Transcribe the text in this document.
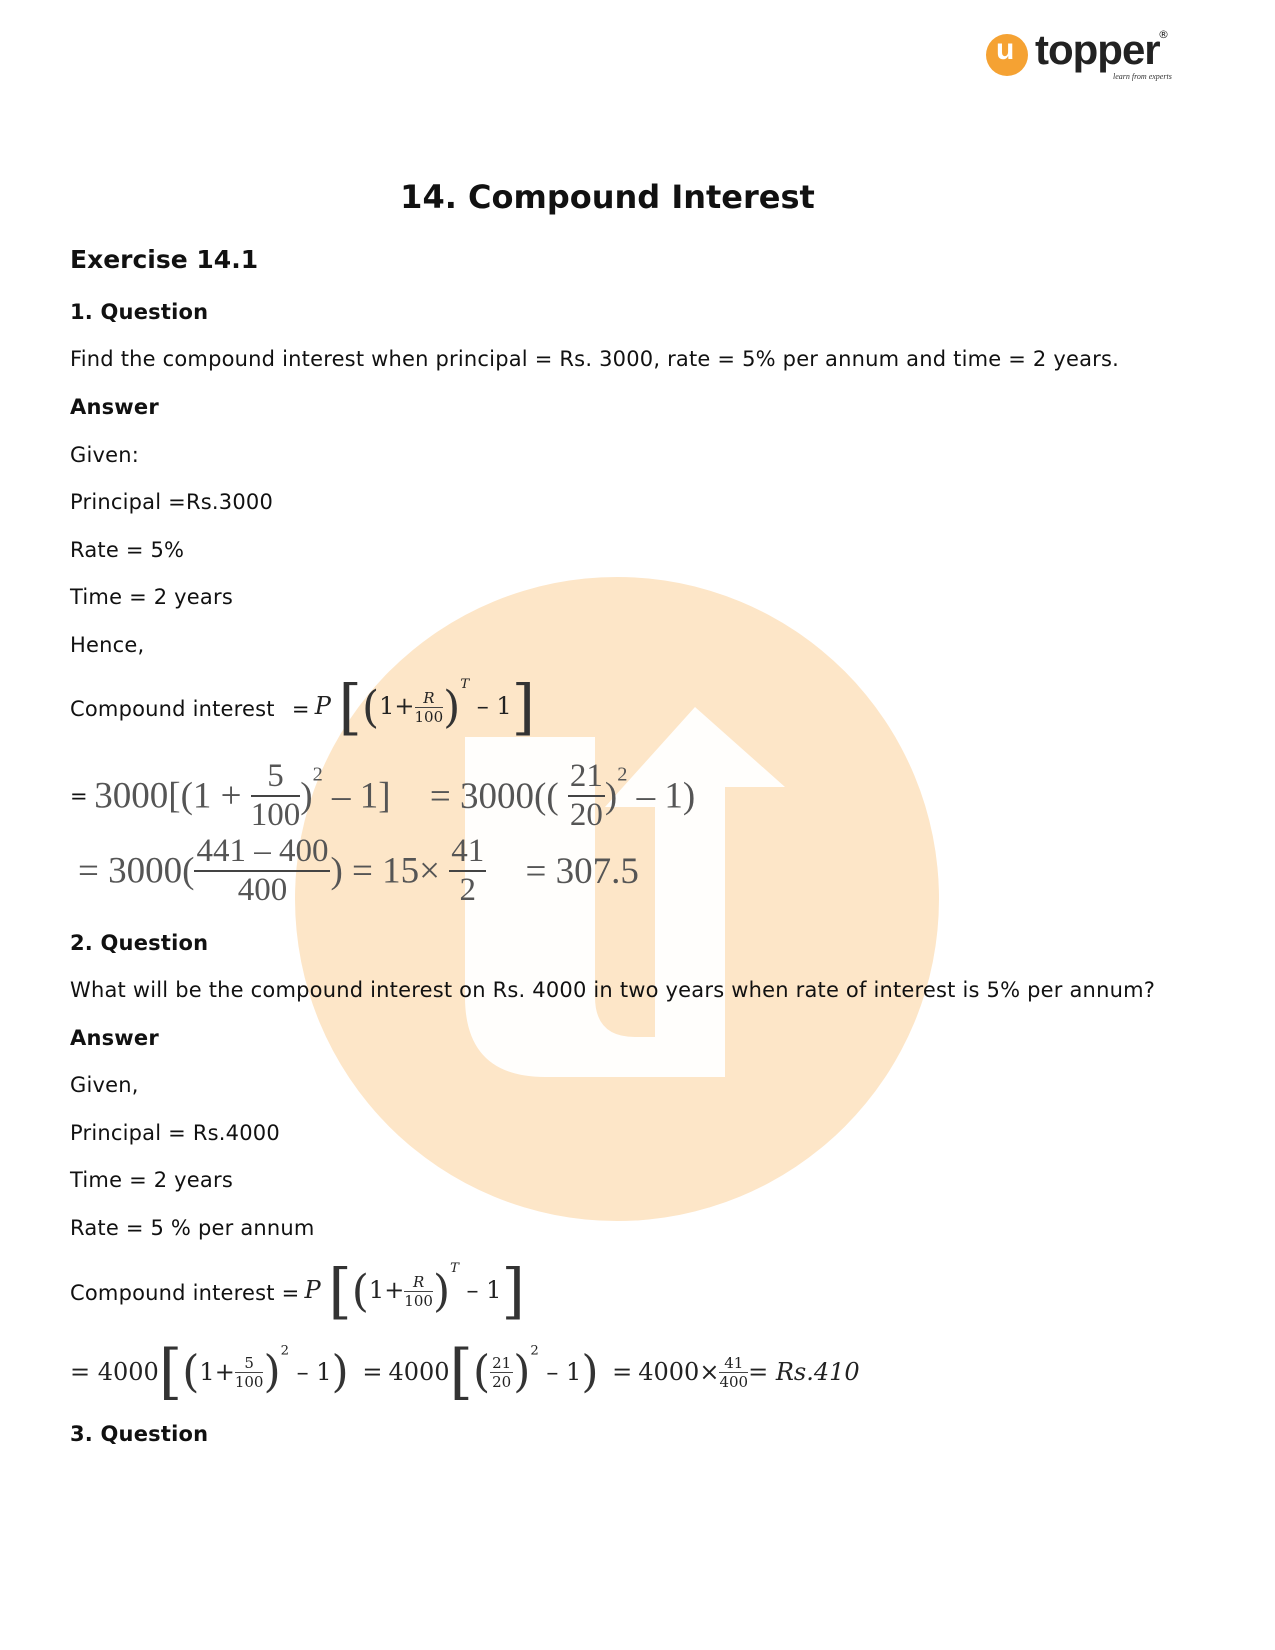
u topper
®
learn from experts
14. Compound Interest
Exercise 14.1
1. Question
Find the compound interest when principal = Rs. 3000, rate = 5% per annum and time = 2 years.
Answer
Given:
Principal =Rs.3000
Rate = 5%
Time = 2 years
Hence,
Compound interest = P $[(1+ \frac{R}{100} )^T - 1]$
= $3000[(1 + \frac{5}{100} )^2 - 1] = 3000(( \frac{21}{20} )^2 - 1)$
= $3000( \frac{441 - 400}{400}$ ) = $15\times \frac{41}{2} = 307.5$
2. Question
What will be the compound interest on Rs. 4000 in two years when rate of interest is 5% per annum?
Answer
Given,
Principal = Rs.4000
Time = 2 years
Rate = 5 % per annum
Compound interest = P $[(1+ \frac{R}{100} )^T - 1]$
= $4000[(1+ \frac{5}{100} )^2 - 1) = 4000[( \frac{21}{20} )^2 - 1) = 4000\times \frac{41}{400} = Rs.410$
3. Question
